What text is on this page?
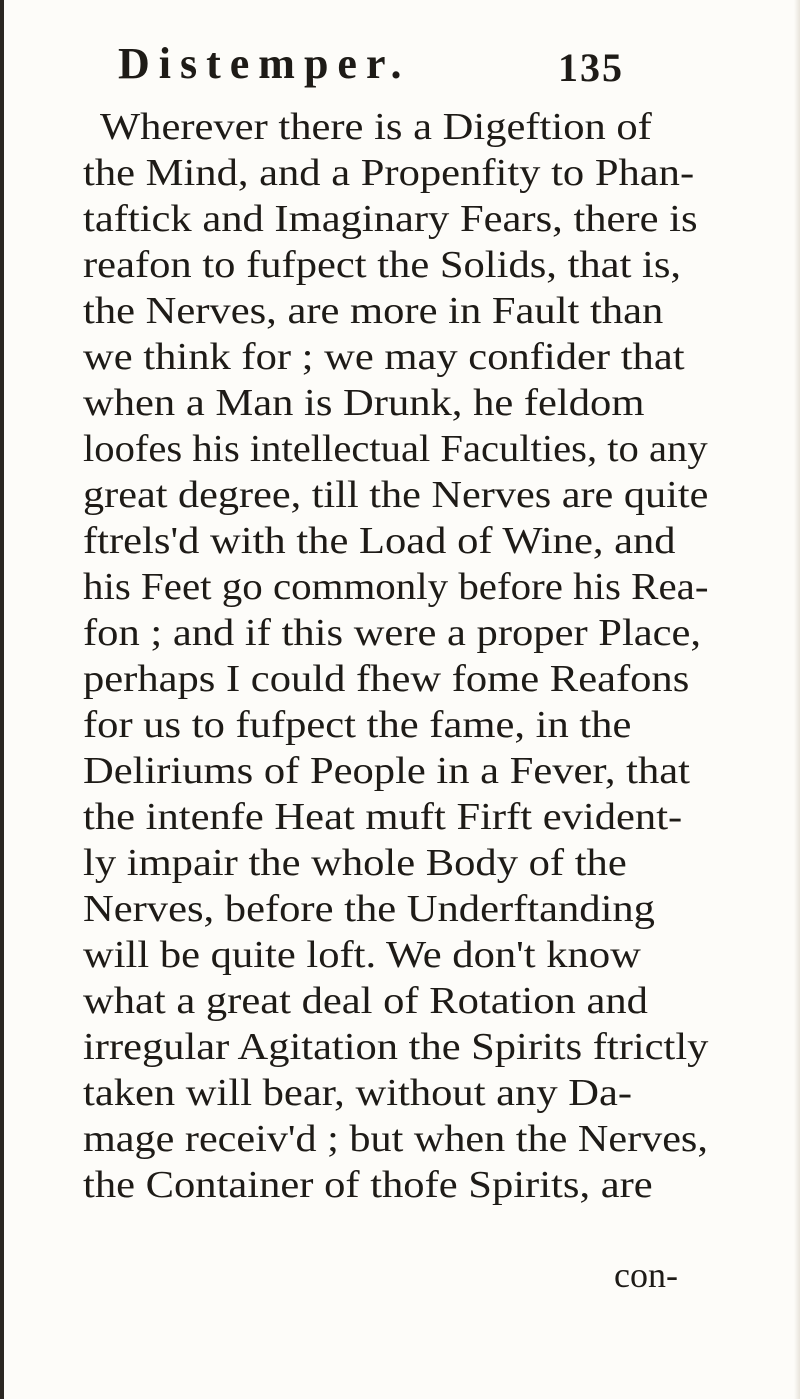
Distemper.	135
Wherever there is a Digeftion of
the Mind, and a Propenfity to Phan-
taftick and Imaginary Fears, there is
reafon to fufpect the Solids, that is,
the Nerves, are more in Fault than
we think for ; we may confider that
when a Man is Drunk, he feldom
loofes his intellectual Faculties, to any
great degree, till the Nerves are quite
ftrels'd with the Load of Wine, and
his Feet go commonly before his Rea-
fon ; and if this were a proper Place,
perhaps I could fhew fome Reafons
for us to fufpect the fame, in the
Deliriums of People in a Fever, that
the intenfe Heat muft Firft evident-
ly impair the whole Body of the
Nerves, before the Underftanding
will be quite loft. We don't know
what a great deal of Rotation and
irregular Agitation the Spirits ftrictly
taken will bear, without any Da-
mage receiv'd ; but when the Nerves,
the Container of thofe Spirits, are
con-
